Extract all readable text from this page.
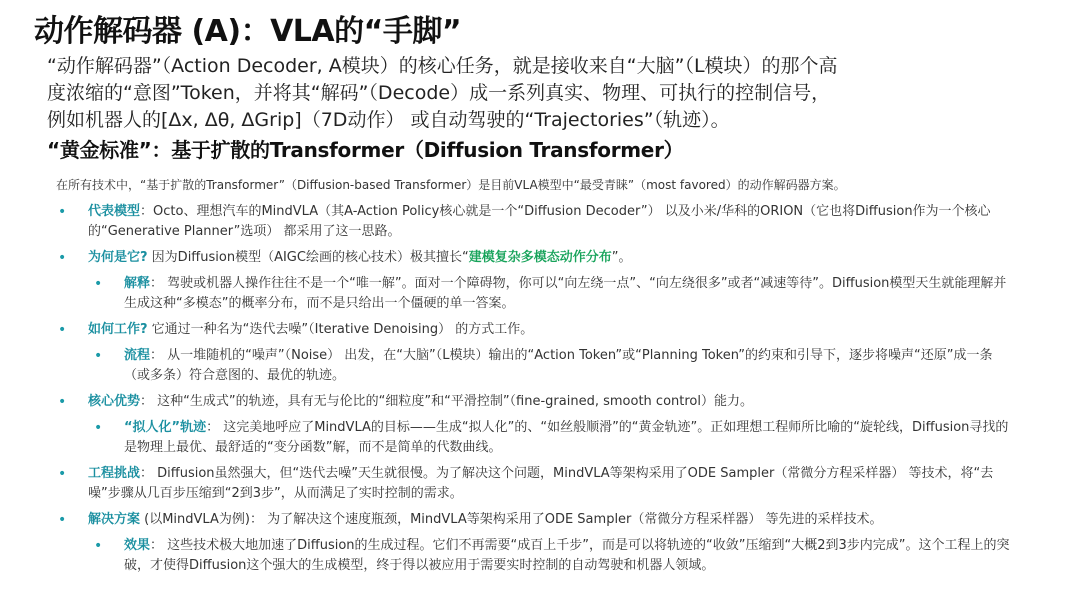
动作解码器 (A)：VLA的“手脚”

“动作解码器”（Action Decoder, A模块）的核心任务，就是接收来自“大脑”（L模块）的那个高

度浓缩的“意图”Token，并将其“解码”（Decode）成一系列真实、物理、可执行的控制信号，

例如机器人的[Δx, Δθ, ΔGrip]（7D动作） 或自动驾驶的“Trajectories”（轨迹）。

“黄金标准”：基于扩散的Transformer（Diffusion Transformer）
在所有技术中，“基于扩散的Transformer”（Diffusion-based Transformer）是目前VLA模型中“最受青睐”（most favored）的动作解码器方案。
• 代表模型：Octo、理想汽车的MindVLA（其A-Action Policy核心就是一个“Diffusion Decoder”） 以及小米/华科的ORION（它也将Diffusion作为一个核心的“Generative Planner”选项） 都采用了这一思路。
• 为何是它? 因为Diffusion模型（AIGC绘画的核心技术）极其擅长“建模复杂多模态动作分布”。
• 解释： 驾驶或机器人操作往往不是一个“唯一解”。面对一个障碍物，你可以“向左绕一点”、“向左绕很多”或者“减速等待”。Diffusion模型天生就能理解并生成这种“多模态”的概率分布，而不是只给出一个僵硬的单一答案。
• 如何工作? 它通过一种名为“迭代去噪”（Iterative Denoising） 的方式工作。
• 流程： 从一堆随机的“噪声”（Noise） 出发，在“大脑”（L模块）输出的“Action Token”或“Planning Token”的约束和引导下，逐步将噪声“还原”成一条（或多条）符合意图的、最优的轨迹。
• 核心优势： 这种“生成式”的轨迹，具有无与伦比的“细粒度”和“平滑控制”（fine-grained, smooth control）能力。
• “拟人化”轨迹： 这完美地呼应了MindVLA的目标——生成“拟人化”的、“如丝般顺滑”的“黄金轨迹”。正如理想工程师所比喻的“旋轮线，Diffusion寻找的是物理上最优、最舒适的“变分函数”解，而不是简单的代数曲线。
• 工程挑战： Diffusion虽然强大，但“迭代去噪”天生就很慢。为了解决这个问题，MindVLA等架构采用了ODE Sampler（常微分方程采样器） 等技术，将“去噪”步骤从几百步压缩到“2到3步”，从而满足了实时控制的需求。
• 解决方案 (以MindVLA为例)： 为了解决这个速度瓶颈，MindVLA等架构采用了ODE Sampler（常微分方程采样器） 等先进的采样技术。
• 效果： 这些技术极大地加速了Diffusion的生成过程。它们不再需要“成百上千步”，而是可以将轨迹的“收敛”压缩到“大概2到3步内完成”。这个工程上的突破，才使得Diffusion这个强大的生成模型，终于得以被应用于需要实时控制的自动驾驶和机器人领域。
